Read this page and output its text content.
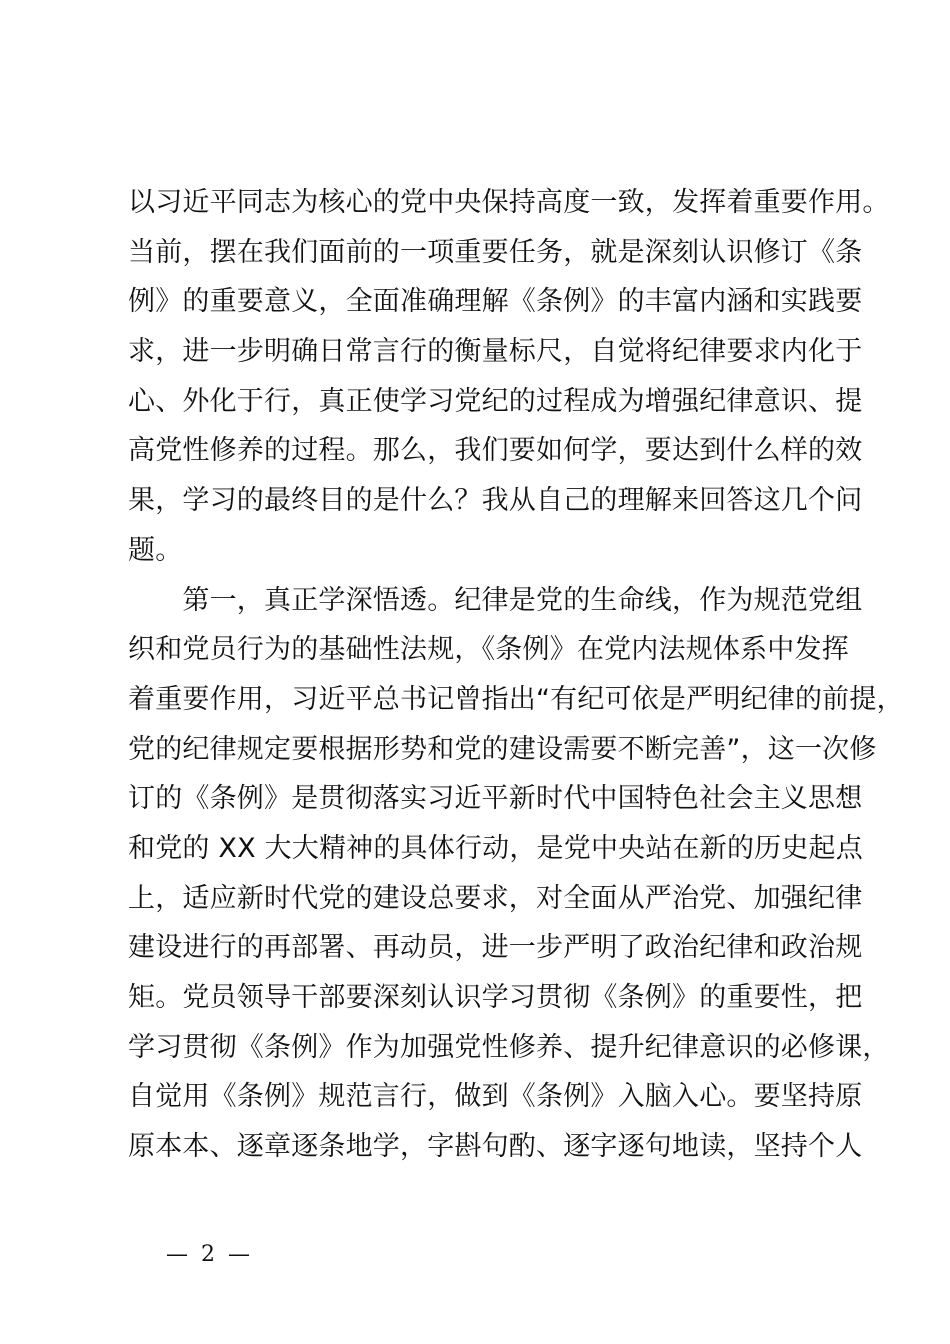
以习近平同志为核心的党中央保持高度一致，发挥着重要作用。
当前，摆在我们面前的一项重要任务，就是深刻认识修订《条
例》的重要意义，全面准确理解《条例》的丰富内涵和实践要
求，进一步明确日常言行的衡量标尺，自觉将纪律要求内化于
心、外化于行，真正使学习党纪的过程成为增强纪律意识、提
高党性修养的过程。那么，我们要如何学，要达到什么样的效
果，学习的最终目的是什么？我从自己的理解来回答这几个问
题。
　　第一，真正学深悟透。纪律是党的生命线，作为规范党组
织和党员行为的基础性法规，《条例》在党内法规体系中发挥
着重要作用，习近平总书记曾指出“有纪可依是严明纪律的前提，
党的纪律规定要根据形势和党的建设需要不断完善”，这一次修
订的《条例》是贯彻落实习近平新时代中国特色社会主义思想
和党的 XX 大大精神的具体行动，是党中央站在新的历史起点
上，适应新时代党的建设总要求，对全面从严治党、加强纪律
建设进行的再部署、再动员，进一步严明了政治纪律和政治规
矩。党员领导干部要深刻认识学习贯彻《条例》的重要性，把
学习贯彻《条例》作为加强党性修养、提升纪律意识的必修课，
自觉用《条例》规范言行，做到《条例》入脑入心。要坚持原
原本本、逐章逐条地学，字斟句酌、逐字逐句地读，坚持个人
— 2 —
